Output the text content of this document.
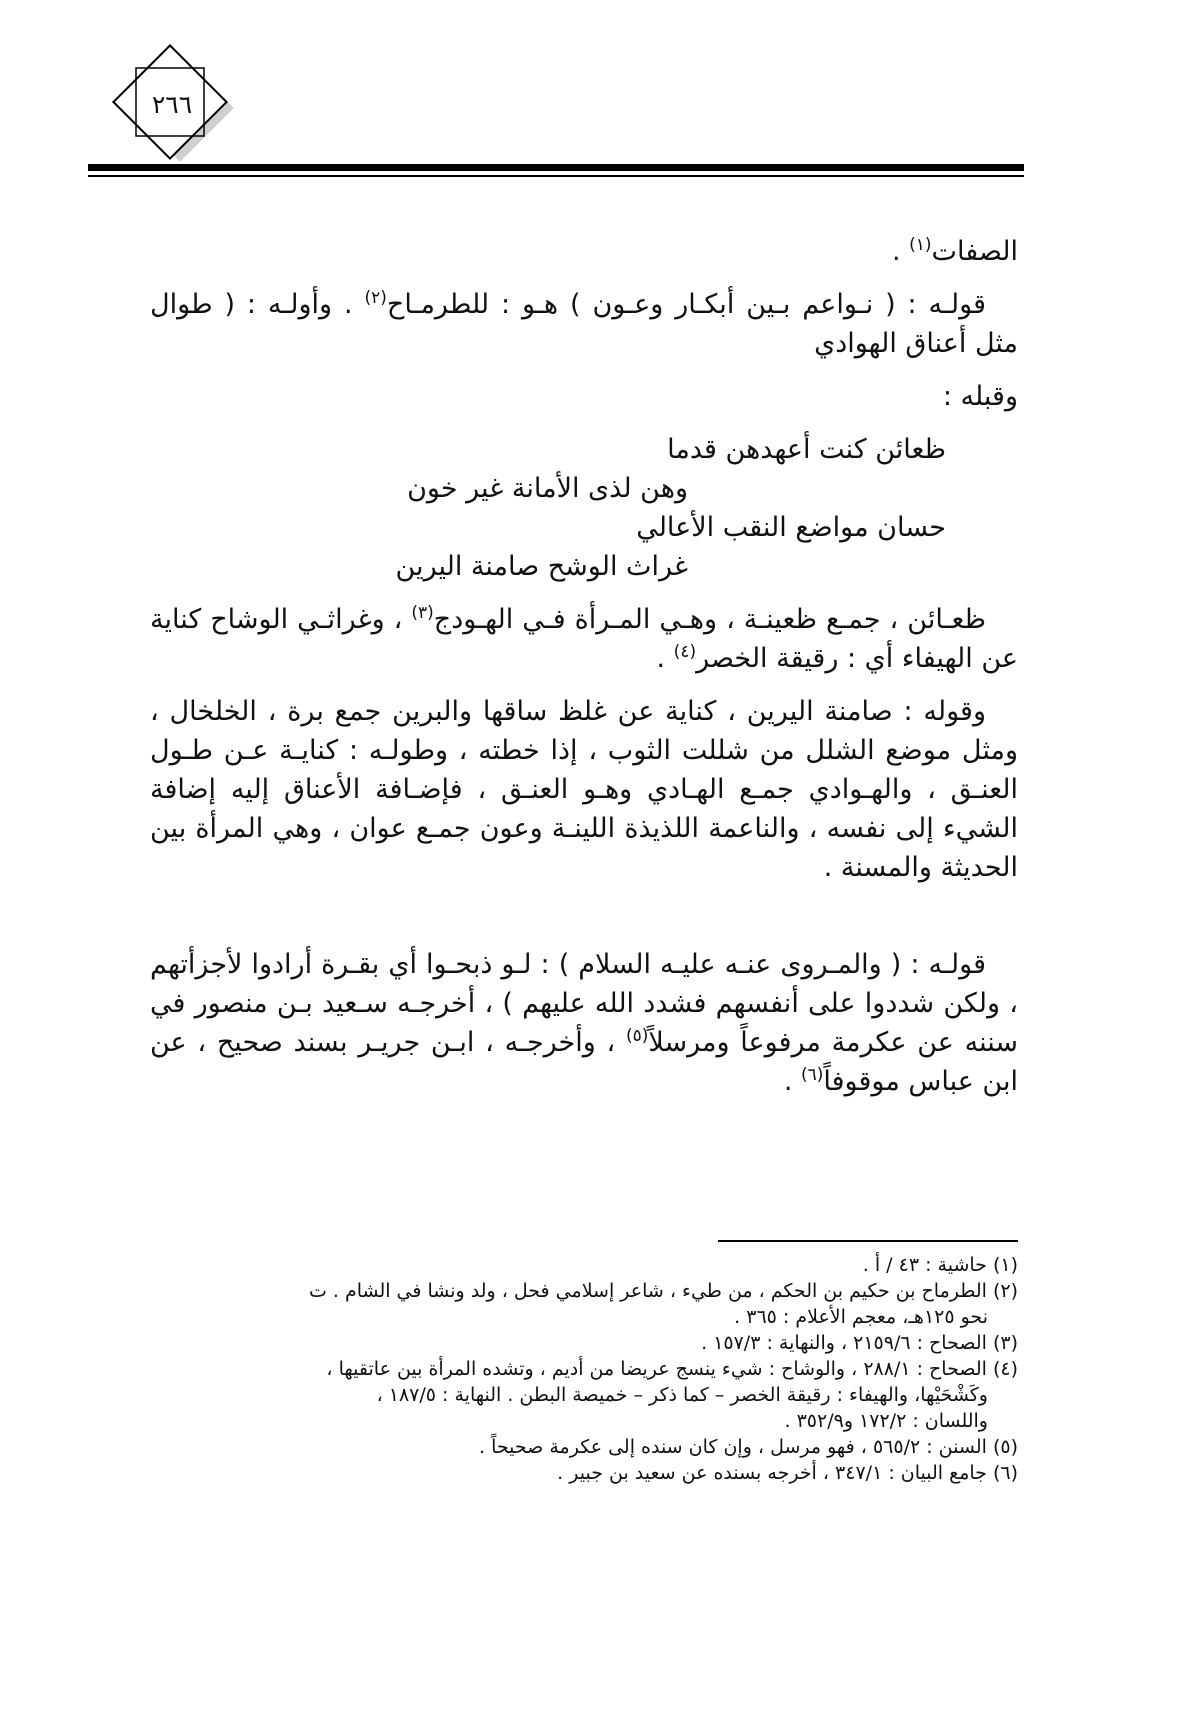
٢٦٦

الصفات$^{(١)}$ .

قولـه : ( نـواعم بـين أبكـار وعـون ) هـو : للطرمـاح$^{(٢)}$ . وأولـه : ( طوال مثل أعناق الهوادي

وقبله :

ظعائن كنت أعهدهن قدما
وهن لذى الأمانة غير خون
حسان مواضع النقب الأعالي
غراث الوشح صامنة اليرين

ظعـائن ، جمـع ظعينـة ، وهـي المـرأة فـي الهـودج$^{(٣)}$ ، وغراثـي الوشاح كناية عن الهيفاء أي : رقيقة الخصر$^{(٤)}$ .

وقوله : صامنة اليرين ، كناية عن غلظ ساقها والبرين جمع برة ، الخلخال ، ومثل موضع الشلل من شللت الثوب ، إذا خطته ، وطولـه : كنايـة عـن طـول العنـق ، والهـوادي جمـع الهـادي وهـو العنـق ، فإضـافة الأعناق إليه إضافة الشيء إلى نفسه ، والناعمة اللذيذة اللينـة وعون جمـع عوان ، وهي المرأة بين الحديثة والمسنة .

قولـه : ( والمـروى عنـه عليـه السلام ) : لـو ذبحـوا أي بقـرة أرادوا لأجزأتهم ، ولكن شددوا على أنفسهم فشدد الله عليهم ) ، أخرجـه سـعيد بـن منصور في سننه عن عكرمة مرفوعاً ومرسلاً$^{(٥)}$ ، وأخرجـه ، ابـن جريـر بسند صحيح ، عن ابن عباس موقوفاً$^{(٦)}$ .

(١) حاشية : ٤٣ / أ .

(٢) الطرماح بن حكيم بن الحكم ، من طيء ، شاعر إسلامي فحل ، ولد ونشا في الشام . ت

نحو ١٢٥هـ، معجم الأعلام : ٣٦٥ .

(٣) الصحاح : ٢١٥٩/٦ ، والنهاية : ١٥٧/٣ .

(٤) الصحاح : ٢٨٨/١ ، والوشاح : شيء ينسج عريضا من أديم ، وتشده المرأة بين عاتقيها ،

وكَشْحَيْها، والهيفاء : رقيقة الخصر – كما ذكر – خميصة البطن . النهاية : ١٨٧/٥ ،

واللسان : ١٧٢/٢ و٣٥٢/٩ .

(٥) السنن : ٥٦٥/٢ ، فهو مرسل ، وإن كان سنده إلى عكرمة صحيحاً .

(٦) جامع البيان : ٣٤٧/١ ، أخرجه بسنده عن سعيد بن جبير .
